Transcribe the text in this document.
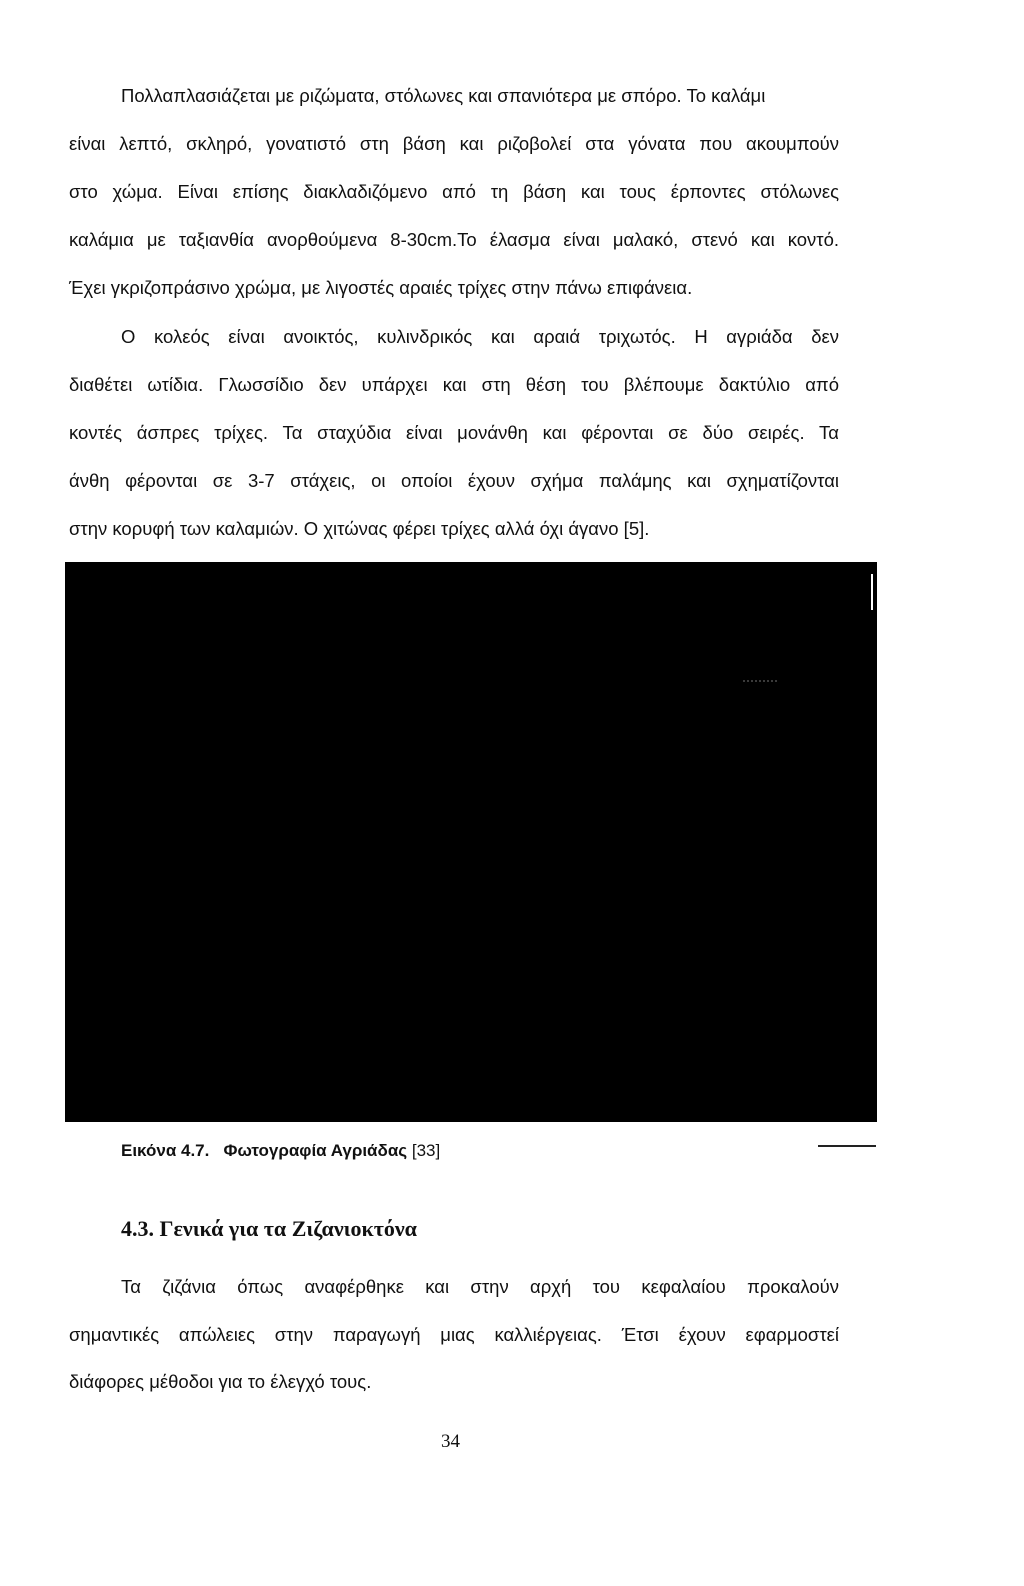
Πολλαπλασιάζεται με ριζώματα, στόλωνες και σπανιότερα με σπόρο. Το καλάμι
είναι λεπτό, σκληρό, γονατιστό στη βάση και ριζοβολεί στα γόνατα που ακουμπούν
στο χώμα. Είναι επίσης διακλαδιζόμενο από τη βάση και τους έρποντες στόλωνες
καλάμια με ταξιανθία ανορθούμενα 8-30cm.Το έλασμα είναι μαλακό, στενό και κοντό.
Έχει γκριζοπράσινο χρώμα, με λιγοστές αραιές τρίχες στην πάνω επιφάνεια.
Ο κολεός είναι ανοικτός, κυλινδρικός και αραιά τριχωτός. Η αγριάδα δεν
διαθέτει ωτίδια. Γλωσσίδιο δεν υπάρχει και στη θέση του βλέπουμε δακτύλιο από
κοντές άσπρες τρίχες. Τα σταχύδια είναι μονάνθη και φέρονται σε δύο σειρές. Τα
άνθη φέρονται σε 3-7 στάχεις, οι οποίοι έχουν σχήμα παλάμης και σχηματίζονται
στην κορυφή των καλαμιών. Ο χιτώνας φέρει τρίχες αλλά όχι άγανο [5].
Εικόνα 4.7. Φωτογραφία Αγριάδας [33]
4.3. Γενικά για τα Ζιζανιοκτόνα
Τα ζιζάνια όπως αναφέρθηκε και στην αρχή του κεφαλαίου προκαλούν
σημαντικές απώλειες στην παραγωγή μιας καλλιέργειας. Έτσι έχουν εφαρμοστεί
διάφορες μέθοδοι για το έλεγχό τους.
34
